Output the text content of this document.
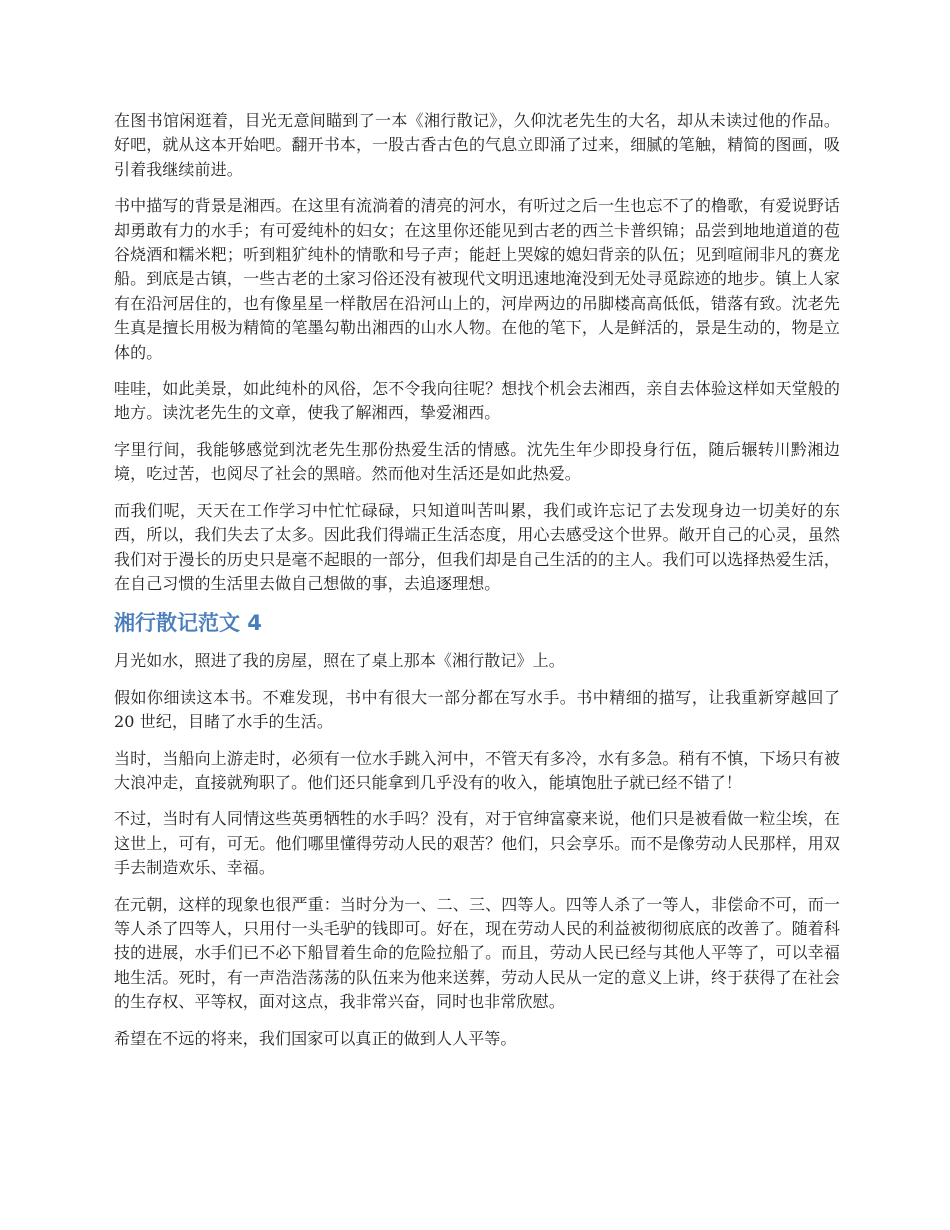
在图书馆闲逛着，目光无意间瞄到了一本《湘行散记》，久仰沈老先生的大名，却从未读过他的作品。好吧，就从这本开始吧。翻开书本，一股古香古色的气息立即涌了过来，细腻的笔触，精简的图画，吸引着我继续前进。

书中描写的背景是湘西。在这里有流淌着的清亮的河水，有听过之后一生也忘不了的橹歌，有爱说野话却勇敢有力的水手；有可爱纯朴的妇女；在这里你还能见到古老的西兰卡普织锦；品尝到地地道道的苞谷烧酒和糯米粑；听到粗犷纯朴的情歌和号子声；能赶上哭嫁的媳妇背亲的队伍；见到喧闹非凡的赛龙船。到底是古镇，一些古老的土家习俗还没有被现代文明迅速地淹没到无处寻觅踪迹的地步。镇上人家有在沿河居住的，也有像星星一样散居在沿河山上的，河岸两边的吊脚楼高高低低，错落有致。沈老先生真是擅长用极为精简的笔墨勾勒出湘西的山水人物。在他的笔下，人是鲜活的，景是生动的，物是立体的。

哇哇，如此美景，如此纯朴的风俗，怎不令我向往呢？想找个机会去湘西，亲自去体验这样如天堂般的地方。读沈老先生的文章，使我了解湘西，挚爱湘西。

字里行间，我能够感觉到沈老先生那份热爱生活的情感。沈先生年少即投身行伍，随后辗转川黔湘边境，吃过苦，也阅尽了社会的黑暗。然而他对生活还是如此热爱。

而我们呢，天天在工作学习中忙忙碌碌，只知道叫苦叫累，我们或许忘记了去发现身边一切美好的东西，所以，我们失去了太多。因此我们得端正生活态度，用心去感受这个世界。敞开自己的心灵，虽然我们对于漫长的历史只是毫不起眼的一部分，但我们却是自己生活的的主人。我们可以选择热爱生活，在自己习惯的生活里去做自己想做的事，去追逐理想。

湘行散记范文 4

月光如水，照进了我的房屋，照在了桌上那本《湘行散记》上。

假如你细读这本书。不难发现，书中有很大一部分都在写水手。书中精细的描写，让我重新穿越回了 20 世纪，目睹了水手的生活。

当时，当船向上游走时，必须有一位水手跳入河中，不管天有多冷，水有多急。稍有不慎，下场只有被大浪冲走，直接就殉职了。他们还只能拿到几乎没有的收入，能填饱肚子就已经不错了！

不过，当时有人同情这些英勇牺牲的水手吗？没有，对于官绅富豪来说，他们只是被看做一粒尘埃，在这世上，可有，可无。他们哪里懂得劳动人民的艰苦？他们，只会享乐。而不是像劳动人民那样，用双手去制造欢乐、幸福。

在元朝，这样的现象也很严重：当时分为一、二、三、四等人。四等人杀了一等人，非偿命不可，而一等人杀了四等人，只用付一头毛驴的钱即可。好在，现在劳动人民的利益被彻彻底底的改善了。随着科技的进展，水手们已不必下船冒着生命的危险拉船了。而且，劳动人民已经与其他人平等了，可以幸福地生活。死时，有一声浩浩荡荡的队伍来为他来送葬，劳动人民从一定的意义上讲，终于获得了在社会的生存权、平等权，面对这点，我非常兴奋，同时也非常欣慰。

希望在不远的将来，我们国家可以真正的做到人人平等。
